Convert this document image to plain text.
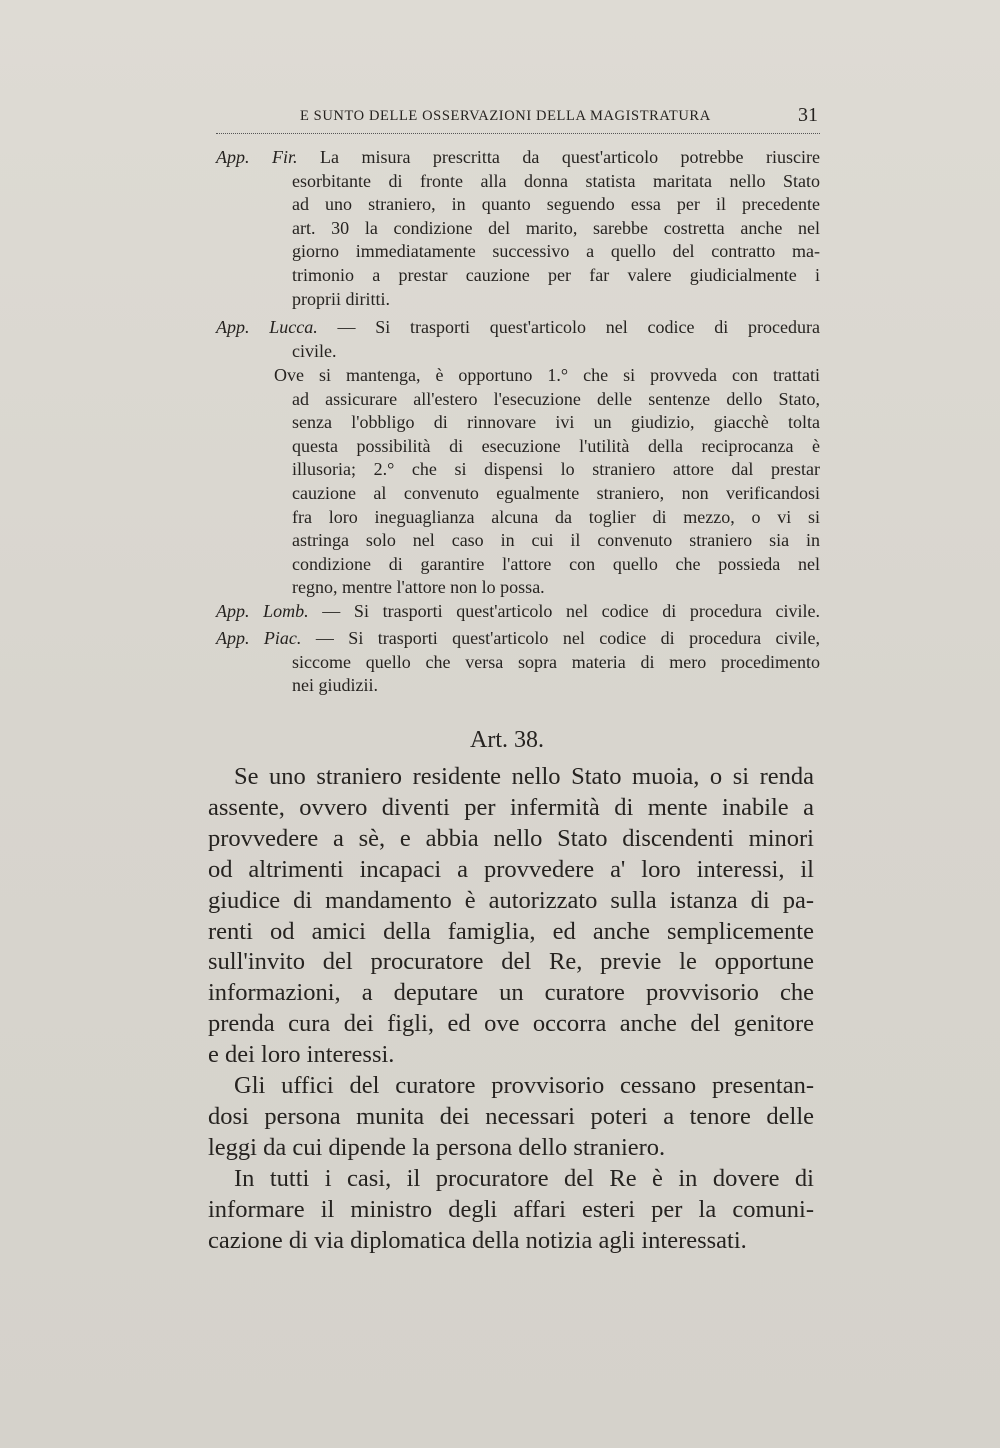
E SUNTO DELLE OSSERVAZIONI DELLA MAGISTRATURA	31
App. Fir. La misura prescritta da quest'articolo potrebbe riuscire
esorbitante di fronte alla donna statista maritata nello Stato
ad uno straniero, in quanto seguendo essa per il precedente
art. 30 la condizione del marito, sarebbe costretta anche nel
giorno immediatamente successivo a quello del contratto ma-
trimonio a prestar cauzione per far valere giudicialmente i
proprii diritti.
App. Lucca. — Si trasporti quest'articolo nel codice di procedura
civile.
Ove si mantenga, è opportuno 1.° che si provveda con trattati
ad assicurare all'estero l'esecuzione delle sentenze dello Stato,
senza l'obbligo di rinnovare ivi un giudizio, giacchè tolta
questa possibilità di esecuzione l'utilità della reciprocanza è
illusoria; 2.° che si dispensi lo straniero attore dal prestar
cauzione al convenuto egualmente straniero, non verificandosi
fra loro ineguaglianza alcuna da toglier di mezzo, o vi si
astringa solo nel caso in cui il convenuto straniero sia in
condizione di garantire l'attore con quello che possieda nel
regno, mentre l'attore non lo possa.
App. Lomb. — Si trasporti quest'articolo nel codice di procedura civile.
App. Piac. — Si trasporti quest'articolo nel codice di procedura civile,
siccome quello che versa sopra materia di mero procedimento
nei giudizii.
Art. 38.
Se uno straniero residente nello Stato muoia, o si renda
assente, ovvero diventi per infermità di mente inabile a
provvedere a sè, e abbia nello Stato discendenti minori
od altrimenti incapaci a provvedere a' loro interessi, il
giudice di mandamento è autorizzato sulla istanza di pa-
renti od amici della famiglia, ed anche semplicemente
sull'invito del procuratore del Re, previe le opportune
informazioni, a deputare un curatore provvisorio che
prenda cura dei figli, ed ove occorra anche del genitore
e dei loro interessi.
Gli uffici del curatore provvisorio cessano presentan-
dosi persona munita dei necessari poteri a tenore delle
leggi da cui dipende la persona dello straniero.
In tutti i casi, il procuratore del Re è in dovere di
informare il ministro degli affari esteri per la comuni-
cazione di via diplomatica della notizia agli interessati.
